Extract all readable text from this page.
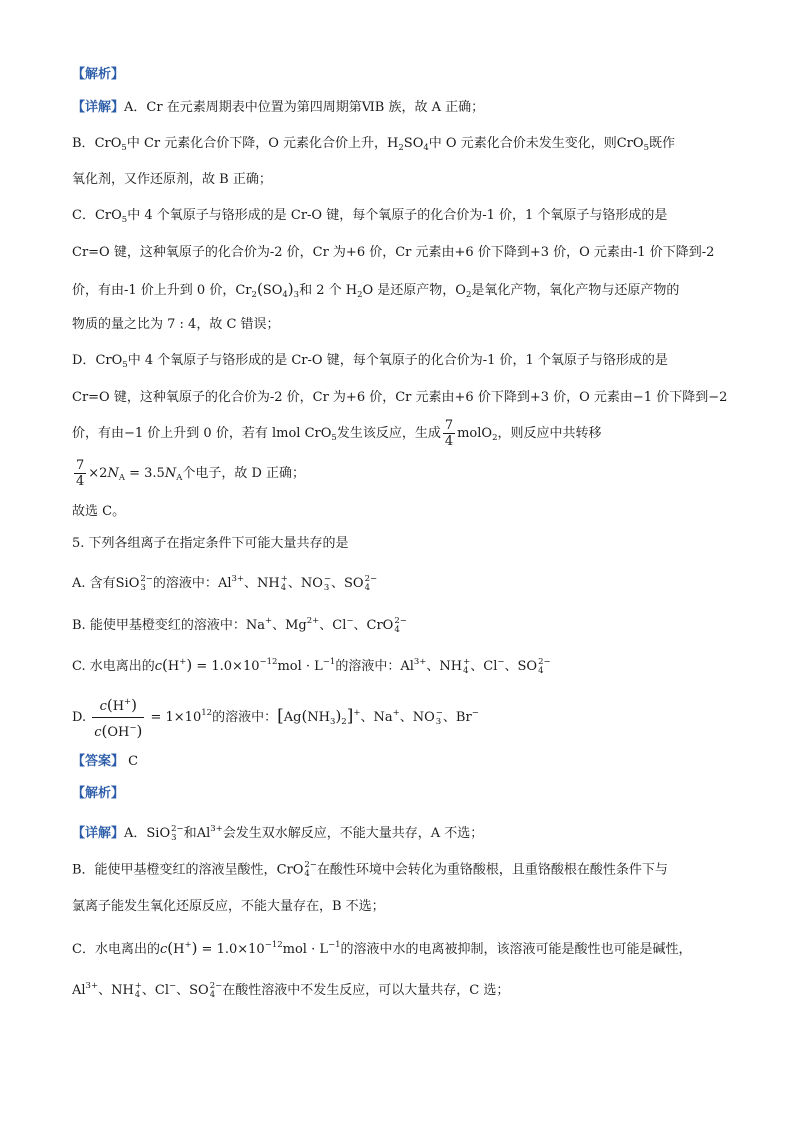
【解析】
【详解】A．Cr 在元素周期表中位置为第四周期第ⅥB 族，故 A 正确；
B．CrO$_5$中 Cr 元素化合价下降，O 元素化合价上升，$H_2SO_4$中 O 元素化合价未发生变化，则CrO$_5$既作
氧化剂，又作还原剂，故 B 正确；
C．CrO$_5$中 4 个氧原子与铬形成的是 Cr-O 键，每个氧原子的化合价为-1 价，1 个氧原子与铬形成的是
Cr=O 键，这种氧原子的化合价为-2 价，Cr 为+6 价，Cr 元素由+6 价下降到+3 价，O 元素由-1 价下降到-2
价，有由-1 价上升到 0 价，$Cr_2(SO_4)_3$和 2 个 $H_2O$ 是还原产物，$O_2$是氧化产物，氧化产物与还原产物的
物质的量之比为 7 : 4，故 C 错误；
D．CrO$_5$中 4 个氧原子与铬形成的是 Cr-O 键，每个氧原子的化合价为-1 价，1 个氧原子与铬形成的是
Cr=O 键，这种氧原子的化合价为-2 价，Cr 为+6 价，Cr 元素由+6 价下降到+3 价，O 元素由−1 价下降到−2
价，有由−1 价上升到 0 价，若有 lmol CrO$_5$发生该反应，生成 $\frac{7}{4}$ molO$_2$，则反应中共转移
$\frac{7}{4} \times 2N_A = 3.5N_A$个电子，故 D 正确；
故选 C。
5. 下列各组离子在指定条件下可能大量共存的是
A. 含有SiO 2−
3 的溶液中：$Al^{3+}$、NH +
4 、NO −
3 、SO 2−
4
B. 能使甲基橙变红的溶液中：Na+、$Mg^{2+}$、Cl−、CrO 2−
4
C. 水电离出的$c(H^+) = 1.0\times 10^{-12}mol \cdot L^{-1}$的溶液中：$Al^{3+}$、NH +
4 、Cl−、SO 2−
4
D. $\frac{c(H^+)}{c(OH^-)} = 1\times 10^{12}$的溶液中：$[Ag(NH_3)_2]^+$、Na+、NO −
3 、Br−
【答案】 C
【解析】
【详解】A．SiO 2−
3 和$Al^{3+}$会发生双水解反应，不能大量共存，A 不选；
B．能使甲基橙变红的溶液呈酸性，CrO 2−
4 在酸性环境中会转化为重铬酸根，且重铬酸根在酸性条件下与
氯离子能发生氧化还原反应，不能大量存在，B 不选；
C．水电离出的$c(H^+) = 1.0\times 10^{-12}mol \cdot L^{-1}$的溶液中水的电离被抑制，该溶液可能是酸性也可能是碱性，
$Al^{3+}$、NH +
4 、Cl−、SO 2−
4 在酸性溶液中不发生反应，可以大量共存，C 选；
